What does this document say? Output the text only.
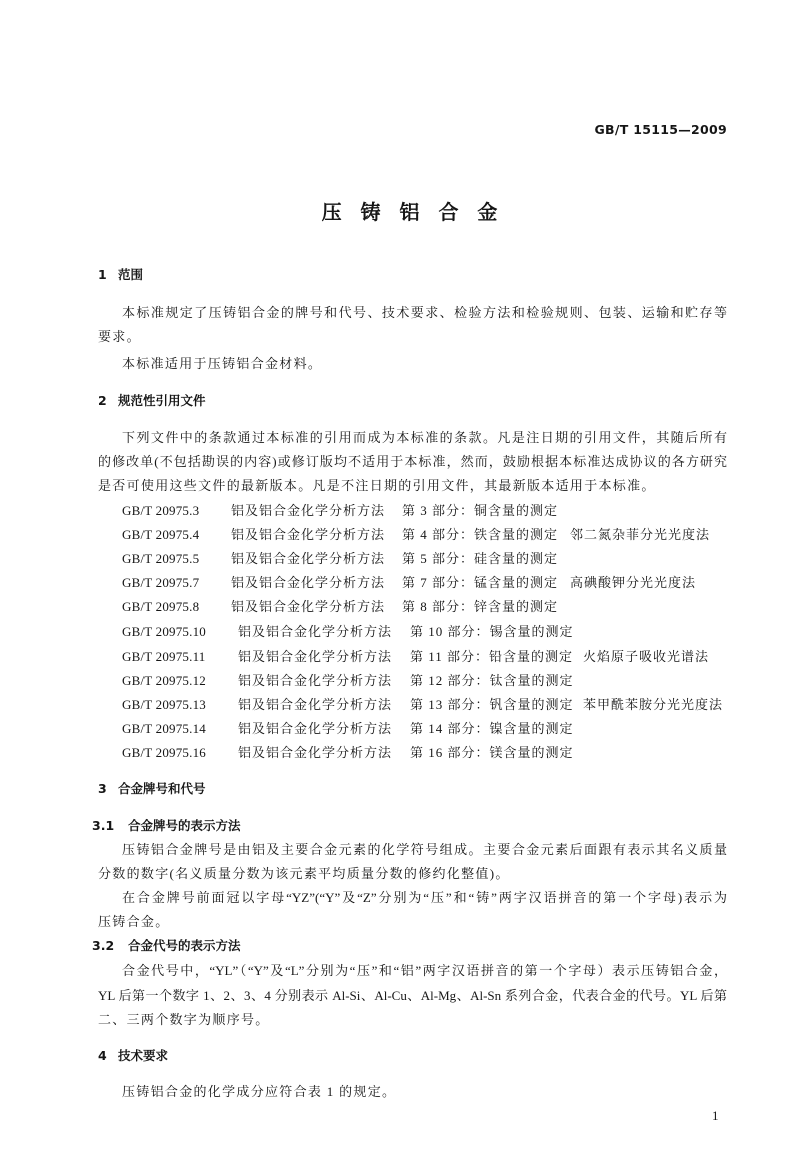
GB/T 15115—2009
压 铸 铝 合 金
1 范围
本标准规定了压铸铝合金的牌号和代号、技术要求、检验方法和检验规则、包装、运输和贮存等
要求。
本标准适用于压铸铝合金材料。
2 规范性引用文件
下列文件中的条款通过本标准的引用而成为本标准的条款。凡是注日期的引用文件，其随后所有
的修改单(不包括勘误的内容)或修订版均不适用于本标准，然而，鼓励根据本标准达成协议的各方研究
是否可使用这些文件的最新版本。凡是不注日期的引用文件，其最新版本适用于本标准。
GB/T 20975.3 铝及铝合金化学分析方法 第 3 部分：铜含量的测定
GB/T 20975.4 铝及铝合金化学分析方法 第 4 部分：铁含量的测定 邻二氮杂菲分光光度法
GB/T 20975.5 铝及铝合金化学分析方法 第 5 部分：硅含量的测定
GB/T 20975.7 铝及铝合金化学分析方法 第 7 部分：锰含量的测定 高碘酸钾分光光度法
GB/T 20975.8 铝及铝合金化学分析方法 第 8 部分：锌含量的测定
GB/T 20975.10 铝及铝合金化学分析方法 第 10 部分：锡含量的测定
GB/T 20975.11	铝及铝合金化学分析方法 第 11 部分：铅含量的测定 火焰原子吸收光谱法
GB/T 20975.12 铝及铝合金化学分析方法 第 12 部分：钛含量的测定
GB/T 20975.13 铝及铝合金化学分析方法 第 13 部分：钒含量的测定 苯甲酰苯胺分光光度法
GB/T 20975.14 铝及铝合金化学分析方法 第 14 部分：镍含量的测定
GB/T 20975.16 铝及铝合金化学分析方法 第 16 部分：镁含量的测定
3 合金牌号和代号
3.1 合金牌号的表示方法
压铸铝合金牌号是由铝及主要合金元素的化学符号组成。主要合金元素后面跟有表示其名义质量
分数的数字(名义质量分数为该元素平均质量分数的修约化整值)。
在合金牌号前面冠以字母“YZ”(“Y”及“Z”分别为“压”和“铸”两字汉语拼音的第一个字母)表示为
压铸合金。
3.2 合金代号的表示方法
合金代号中，“YL”（“Y”及“L”分别为“压”和“铝”两字汉语拼音的第一个字母）表示压铸铝合金，
YL 后第一个数字 1、2、3、4 分别表示 Al-Si、Al-Cu、Al-Mg、Al-Sn 系列合金，代表合金的代号。YL 后第
二、三两个数字为顺序号。
4 技术要求
压铸铝合金的化学成分应符合表 1 的规定。
1
